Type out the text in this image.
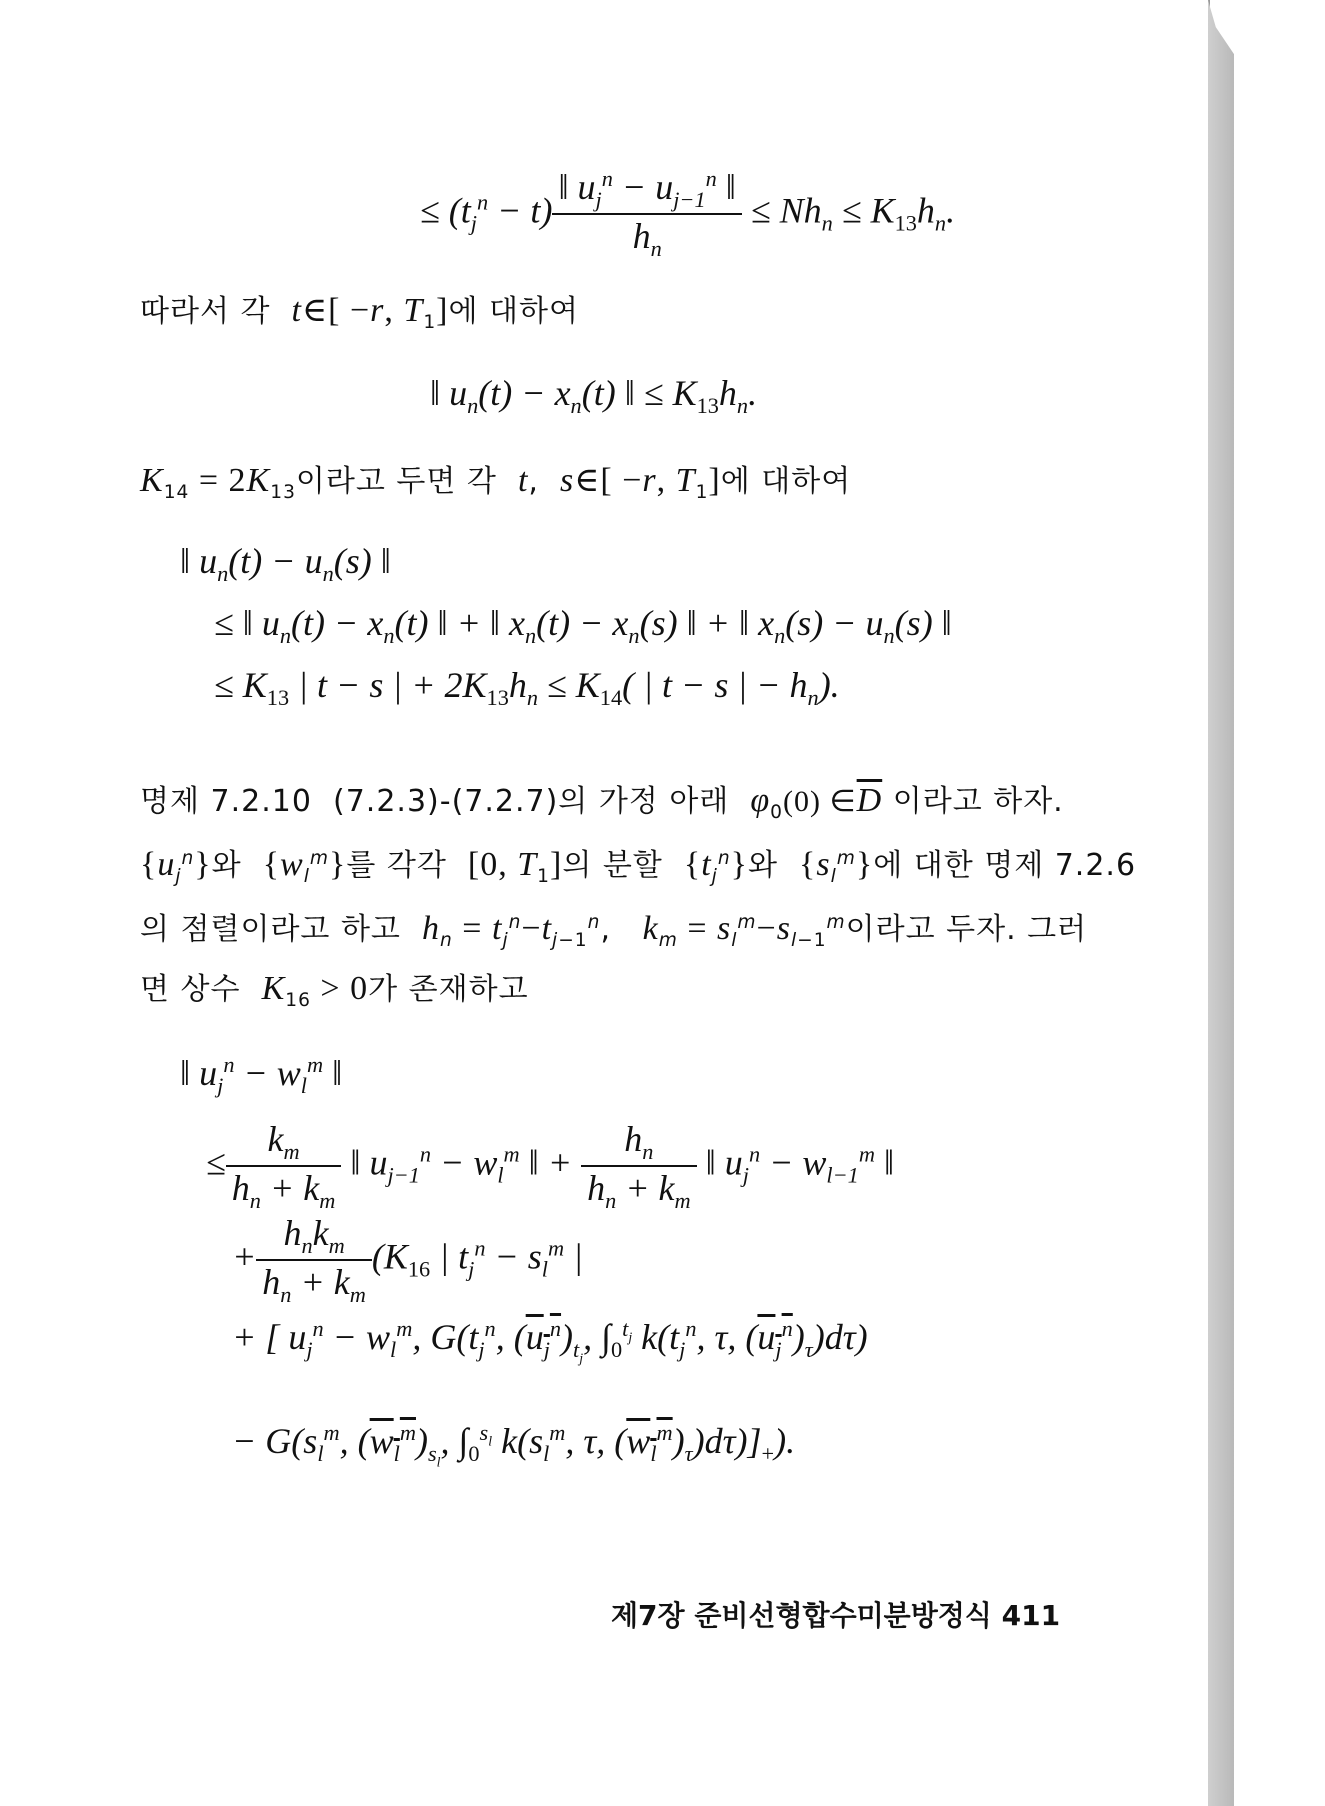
≤ $(t_j^n - t) \frac{‖ u_j^n - u_{j-1}^n ‖}{h_n} \le Nh_n \le K_{13}h_n$.
따라서 각 t∈[ −r, $T_1$]에 대하여
‖ $u_n(t) - x_n(t)$ ‖ ≤ $K_{13}h_n$.
$K_{14} = 2K_{13}$이라고 두면 각 t,  s∈[ −r, $T_1$]에 대하여
‖ $u_n(t) - u_n(s)$ ‖
≤ ‖ $u_n(t) - x_n(t)$ ‖ + ‖ $x_n(t) - x_n(s)$ ‖ + ‖ $x_n(s) - u_n(s)$ ‖
≤ $K_{13}$ | t − s | + $2K_{13}h_n \le K_{14}$( | t − s | − $h_n$).
명제 7.2.10 (7.2.3)-(7.2.7)의 가정 아래 $\varphi_0(0)$ $\in\overline{D}$ 이라고 하자.
$\{u_j^n\}$와 $\{w_l^m\}$를 각각 [0, $T_1$]의 분할 $\{t_j^n\}$와 $\{s_l^m\}$에 대한 명제 7.2.6
의 점렬이라고 하고 $h_n = t_j^n-t_{j-1}^n$,   $k_m = s_l^m-s_{l-1}^m$이라고 두자. 그러
면 상수 $K_{16} > 0$가 존재하고
‖ $u_j^n - w_l^m$ ‖
≤ $\frac{k_m}{h_n + k_m}$ ‖ $u_{j-1}^n - w_l^m$ ‖ + $\frac{h_n}{h_n + k_m}$ ‖ $u_j^n - w_{l-1}^m$ ‖
+ $\frac{h_nk_m}{h_n + k_m} (K_{16}$ | $t_j^n - s_l^m$ |
+ [ $u_j^n - w_l^m$, $G(t_j^n$, $(u_j^n)_{t_j}$, $\int_0^{t_j}$ $k(t_j^n$, τ, $(u_j^n)_\tau)d\tau$)
− $G(s_l^m$, $(w_l^m)_{s_l}$, $\int_0^{s_l}$ $k(s_l^m$, τ, $(w_l^m)_\tau)d\tau)]_+$).
제7장 준비선형합수미분방정식 411
